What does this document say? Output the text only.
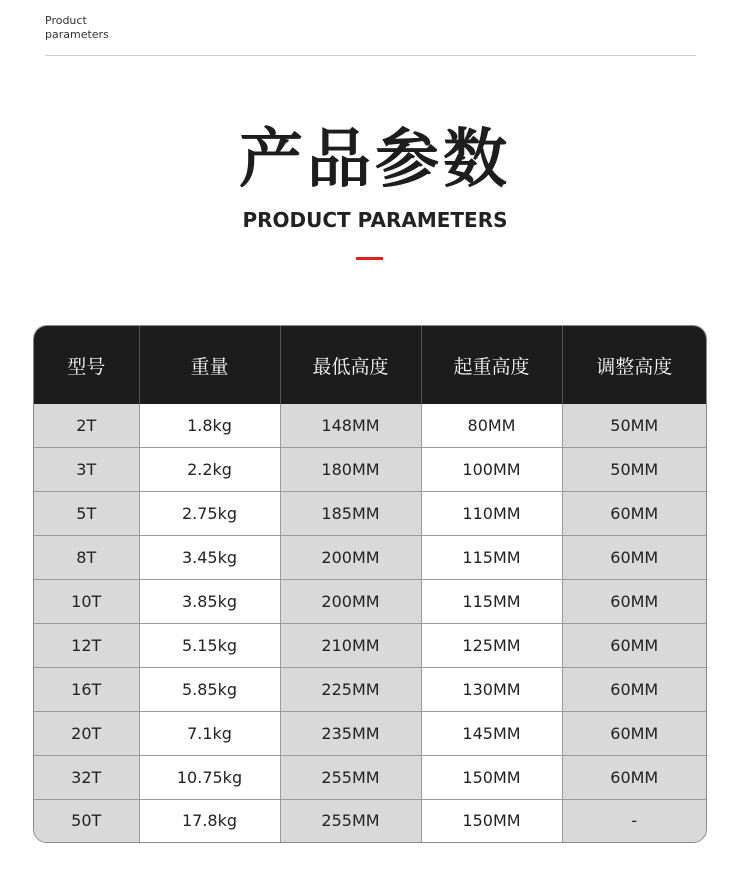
Product
parameters
产品参数
PRODUCT PARAMETERS
型号	重量	最低高度	起重高度	调整高度
2T	1.8kg	148MM	80MM	50MM
3T	2.2kg	180MM	100MM	50MM
5T	2.75kg	185MM	110MM	60MM
8T	3.45kg	200MM	115MM	60MM
10T	3.85kg	200MM	115MM	60MM
12T	5.15kg	210MM	125MM	60MM
16T	5.85kg	225MM	130MM	60MM
20T	7.1kg	235MM	145MM	60MM
32T	10.75kg	255MM	150MM	60MM
50T	17.8kg	255MM	150MM	-
